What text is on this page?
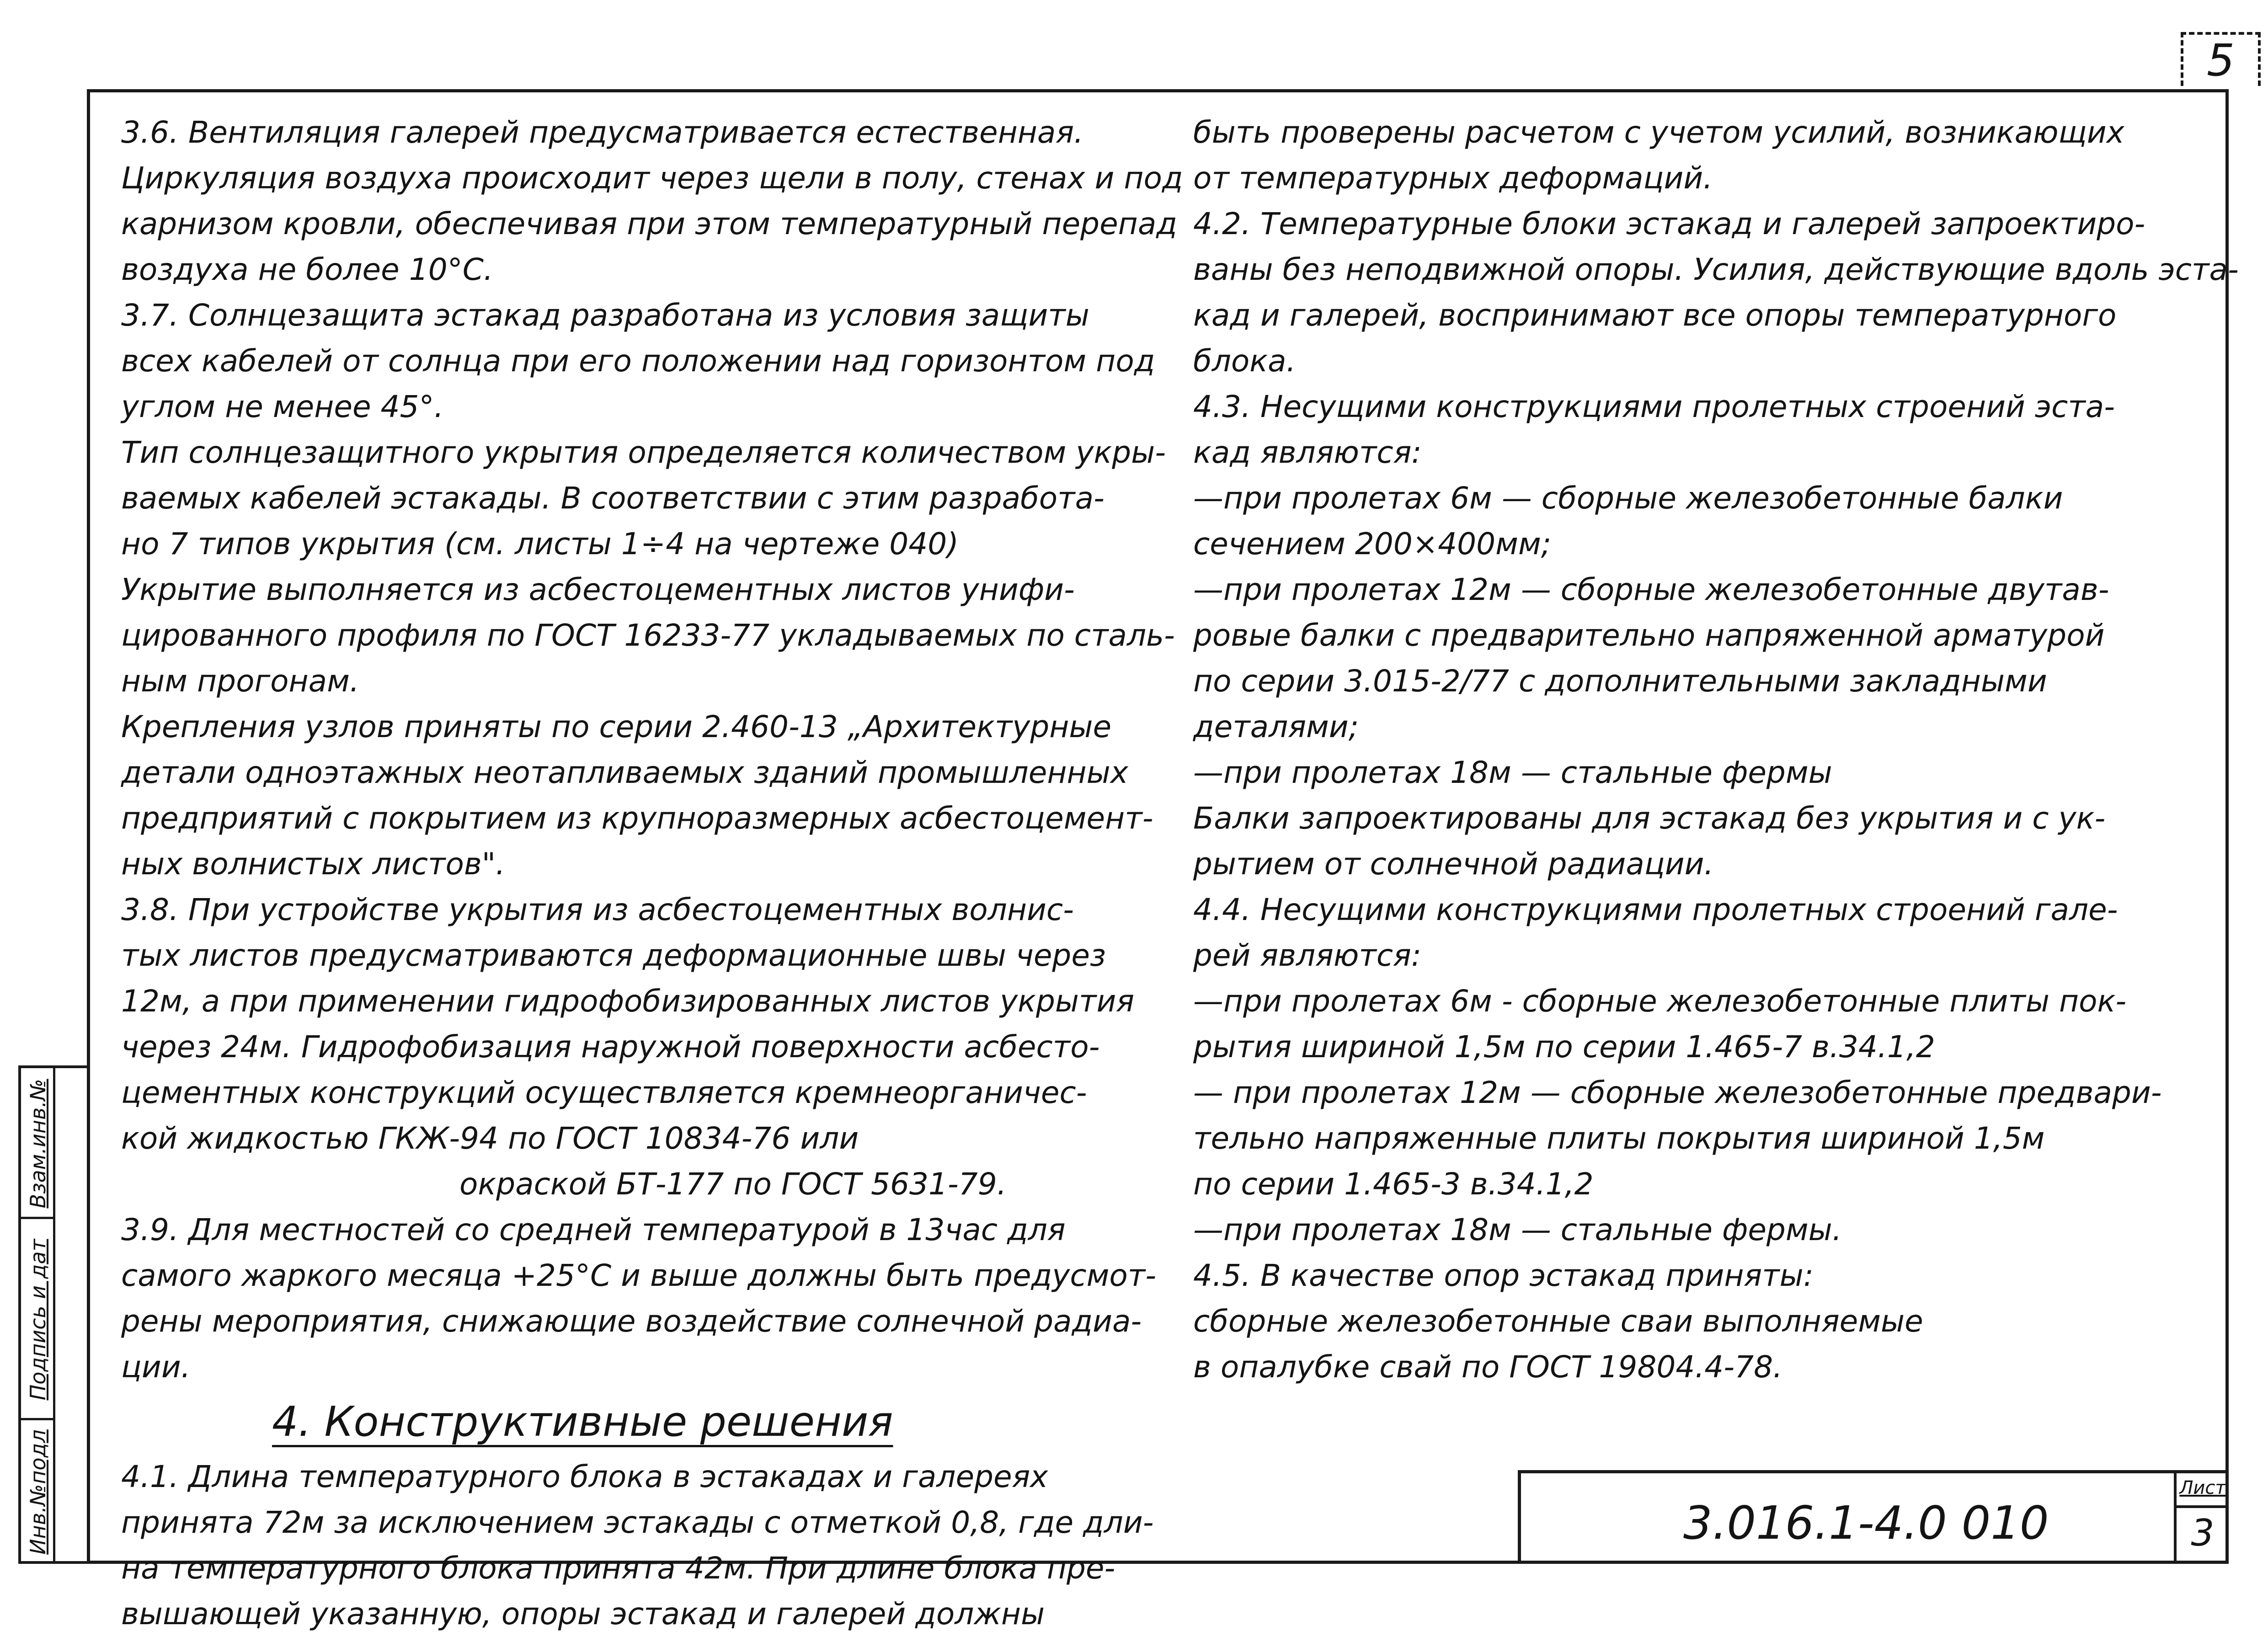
5
Взам.инв.№
Подпись и дат
Инв.№подл

3.6. Вентиляция галерей предусматривается естественная.

Циркуляция воздуха происходит через щели в полу, стенах и под

карнизом кровли, обеспечивая при этом температурный перепад

воздуха не более 10°С.

3.7. Солнцезащита эстакад разработана из условия защиты

всех кабелей от солнца при его положении над горизонтом под

углом не менее 45°.

Тип солнцезащитного укрытия определяется количеством укры-

ваемых кабелей эстакады. В соответствии с этим разработа-

но 7 типов укрытия (см. листы 1÷4 на чертеже 040)

Укрытие выполняется из асбестоцементных листов унифи-

цированного профиля по ГОСТ 16233-77 укладываемых по сталь-

ным прогонам.

Крепления узлов приняты по серии 2.460-13 „Архитектурные

детали одноэтажных неотапливаемых зданий промышленных

предприятий с покрытием из крупноразмерных асбестоцемент-

ных волнистых листов".

3.8. При устройстве укрытия из асбестоцементных волнис-

тых листов предусматриваются деформационные швы через

12м, а при применении гидрофобизированных листов укрытия

через 24м. Гидрофобизация наружной поверхности асбесто-

цементных конструкций осуществляется кремнеорганичес-

кой жидкостью ГКЖ-94 по ГОСТ 10834-76 или

окраской БТ-177 по ГОСТ 5631-79.

3.9. Для местностей со средней температурой в 13час для

самого жаркого месяца +25°С и выше должны быть предусмот-

рены мероприятия, снижающие воздействие солнечной радиа-

ции.

4. Конструктивные решения

4.1. Длина температурного блока в эстакадах и галереях

принята 72м за исключением эстакады с отметкой 0,8, где дли-

на температурного блока принята 42м. При длине блока пре-

вышающей указанную, опоры эстакад и галерей должны

быть проверены расчетом с учетом усилий, возникающих

от температурных деформаций.

4.2. Температурные блоки эстакад и галерей запроектиро-

ваны без неподвижной опоры. Усилия, действующие вдоль эста-

кад и галерей, воспринимают все опоры температурного

блока.

4.3. Несущими конструкциями пролетных строений эста-

кад являются:

—при пролетах 6м — сборные железобетонные балки

сечением 200×400мм;

—при пролетах 12м — сборные железобетонные двутав-

ровые балки с предварительно напряженной арматурой

по серии 3.015-2/77 с дополнительными закладными

деталями;

—при пролетах 18м — стальные фермы

Балки запроектированы для эстакад без укрытия и с ук-

рытием от солнечной радиации.

4.4. Несущими конструкциями пролетных строений гале-

рей являются:

—при пролетах 6м - сборные железобетонные плиты пок-

рытия шириной 1,5м по серии 1.465-7 в.34.1,2

— при пролетах 12м — сборные железобетонные предвари-

тельно напряженные плиты покрытия шириной 1,5м

по серии 1.465-3 в.34.1,2

—при пролетах 18м — стальные фермы.

4.5. В качестве опор эстакад приняты:

сборные железобетонные сваи выполняемые

в опалубке свай по ГОСТ 19804.4-78.

3.016.1-4.0 010
Лист
3
